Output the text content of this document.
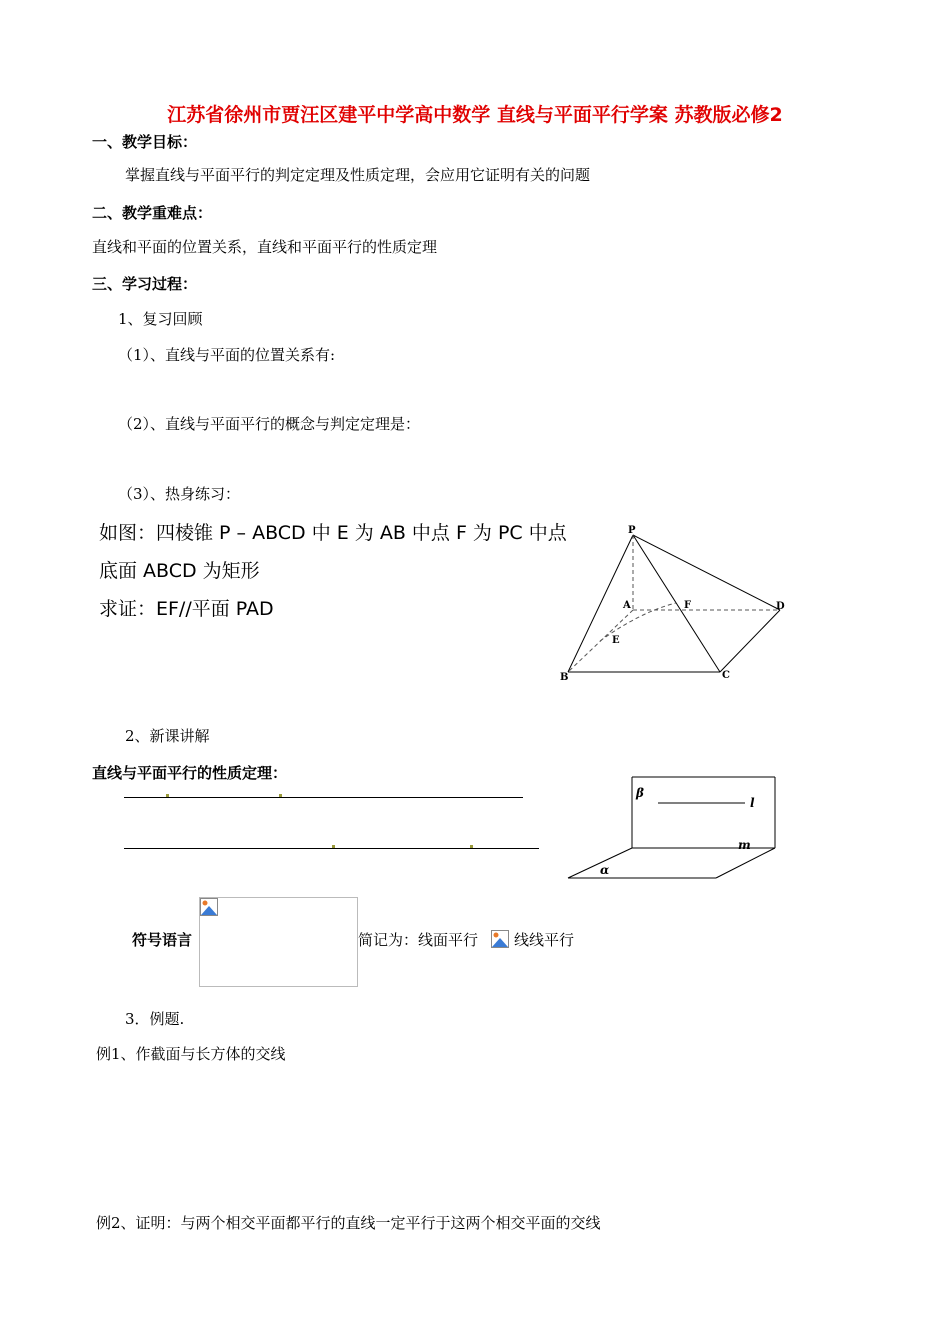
江苏省徐州市贾汪区建平中学高中数学 直线与平面平行学案 苏教版必修2
一、教学目标：
掌握直线与平面平行的判定定理及性质定理，会应用它证明有关的问题
二、教学重难点：
直线和平面的位置关系，直线和平面平行的性质定理
三、学习过程：
1、复习回顾
（1）、直线与平面的位置关系有:
（2）、直线与平面平行的概念与判定定理是：
（3）、热身练习：
如图：四棱锥 P – ABCD 中 E 为 AB 中点 F 为 PC 中点
底面 ABCD 为矩形
求证：EF//平面 PAD
P
A	F	D
E
B	C
2、新课讲解
直线与平面平行的性质定理：
β
l
m
α
符号语言	简记为：线面平行 线线平行
3．例题.
例1、作截面与长方体的交线
例2、证明：与两个相交平面都平行的直线一定平行于这两个相交平面的交线
